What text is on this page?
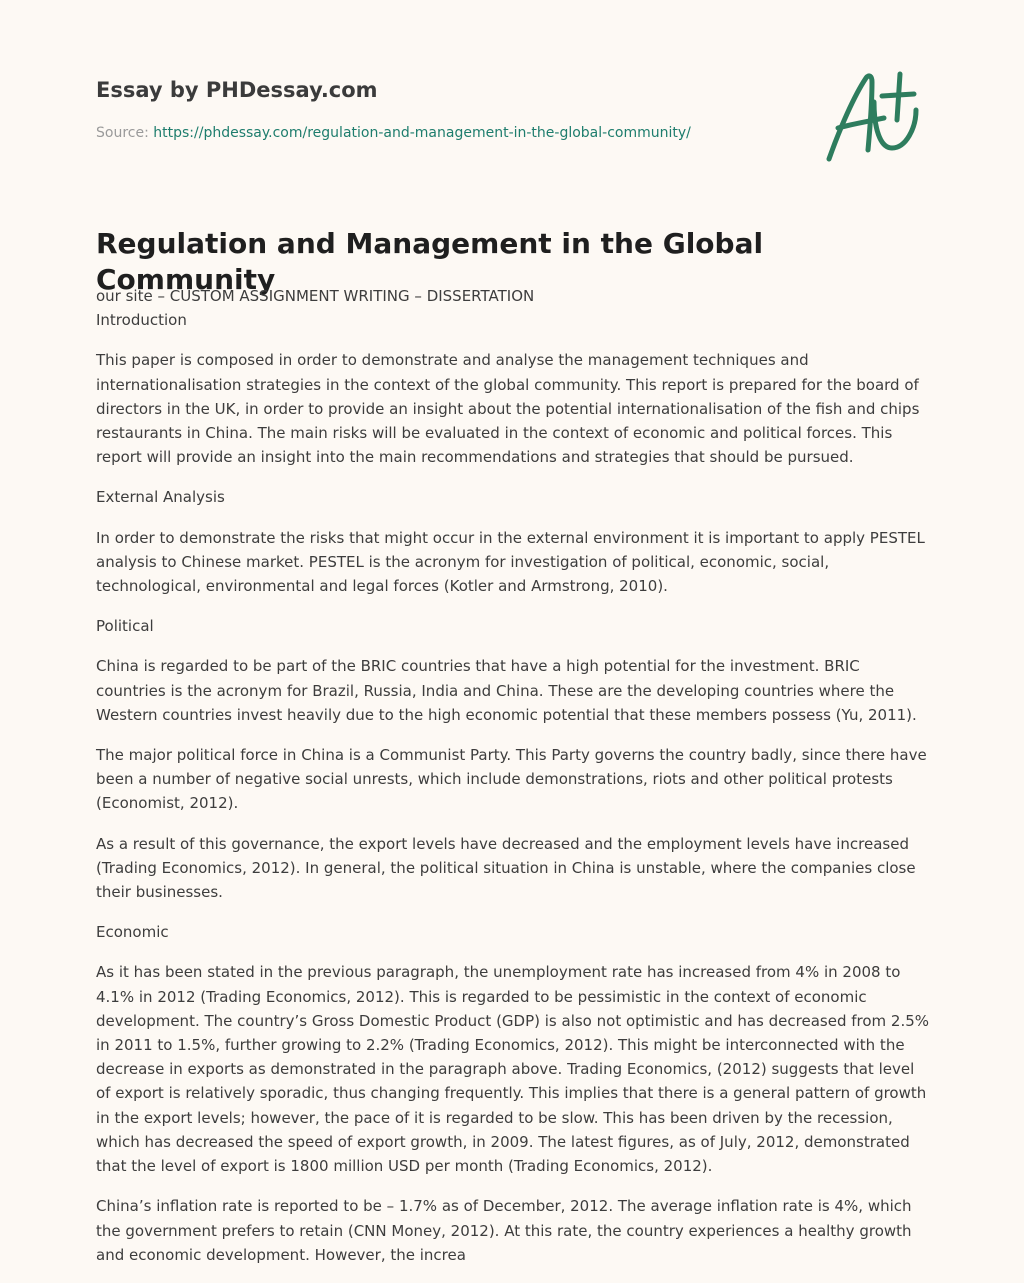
Essay by PHDessay.com
Source: https://phdessay.com/regulation-and-management-in-the-global-community/
Regulation and Management in the Global Community

our site – CUSTOM ASSIGNMENT WRITING – DISSERTATION

Introduction

This paper is composed in order to demonstrate and analyse the management techniques and internationalisation strategies in the context of the global community. This report is prepared for the board of directors in the UK, in order to provide an insight about the potential internationalisation of the fish and chips restaurants in China. The main risks will be evaluated in the context of economic and political forces. This report will provide an insight into the main recommendations and strategies that should be pursued.

External Analysis

In order to demonstrate the risks that might occur in the external environment it is important to apply PESTEL analysis to Chinese market. PESTEL is the acronym for investigation of political, economic, social, technological, environmental and legal forces (Kotler and Armstrong, 2010).

Political

China is regarded to be part of the BRIC countries that have a high potential for the investment. BRIC countries is the acronym for Brazil, Russia, India and China. These are the developing countries where the Western countries invest heavily due to the high economic potential that these members possess (Yu, 2011).

The major political force in China is a Communist Party. This Party governs the country badly, since there have been a number of negative social unrests, which include demonstrations, riots and other political protests (Economist, 2012).

As a result of this governance, the export levels have decreased and the employment levels have increased (Trading Economics, 2012). In general, the political situation in China is unstable, where the companies close their businesses.

Economic

As it has been stated in the previous paragraph, the unemployment rate has increased from 4% in 2008 to 4.1% in 2012 (Trading Economics, 2012). This is regarded to be pessimistic in the context of economic development. The country’s Gross Domestic Product (GDP) is also not optimistic and has decreased from 2.5% in 2011 to 1.5%, further growing to 2.2% (Trading Economics, 2012). This might be interconnected with the decrease in exports as demonstrated in the paragraph above. Trading Economics, (2012) suggests that level of export is relatively sporadic, thus changing frequently. This implies that there is a general pattern of growth in the export levels; however, the pace of it is regarded to be slow. This has been driven by the recession, which has decreased the speed of export growth, in 2009. The latest figures, as of July, 2012, demonstrated that the level of export is 1800 million USD per month (Trading Economics, 2012).

China’s inflation rate is reported to be – 1.7% as of December, 2012. The average inflation rate is 4%, which the government prefers to retain (CNN Money, 2012). At this rate, the country experiences a healthy growth and economic development. However, the increa
